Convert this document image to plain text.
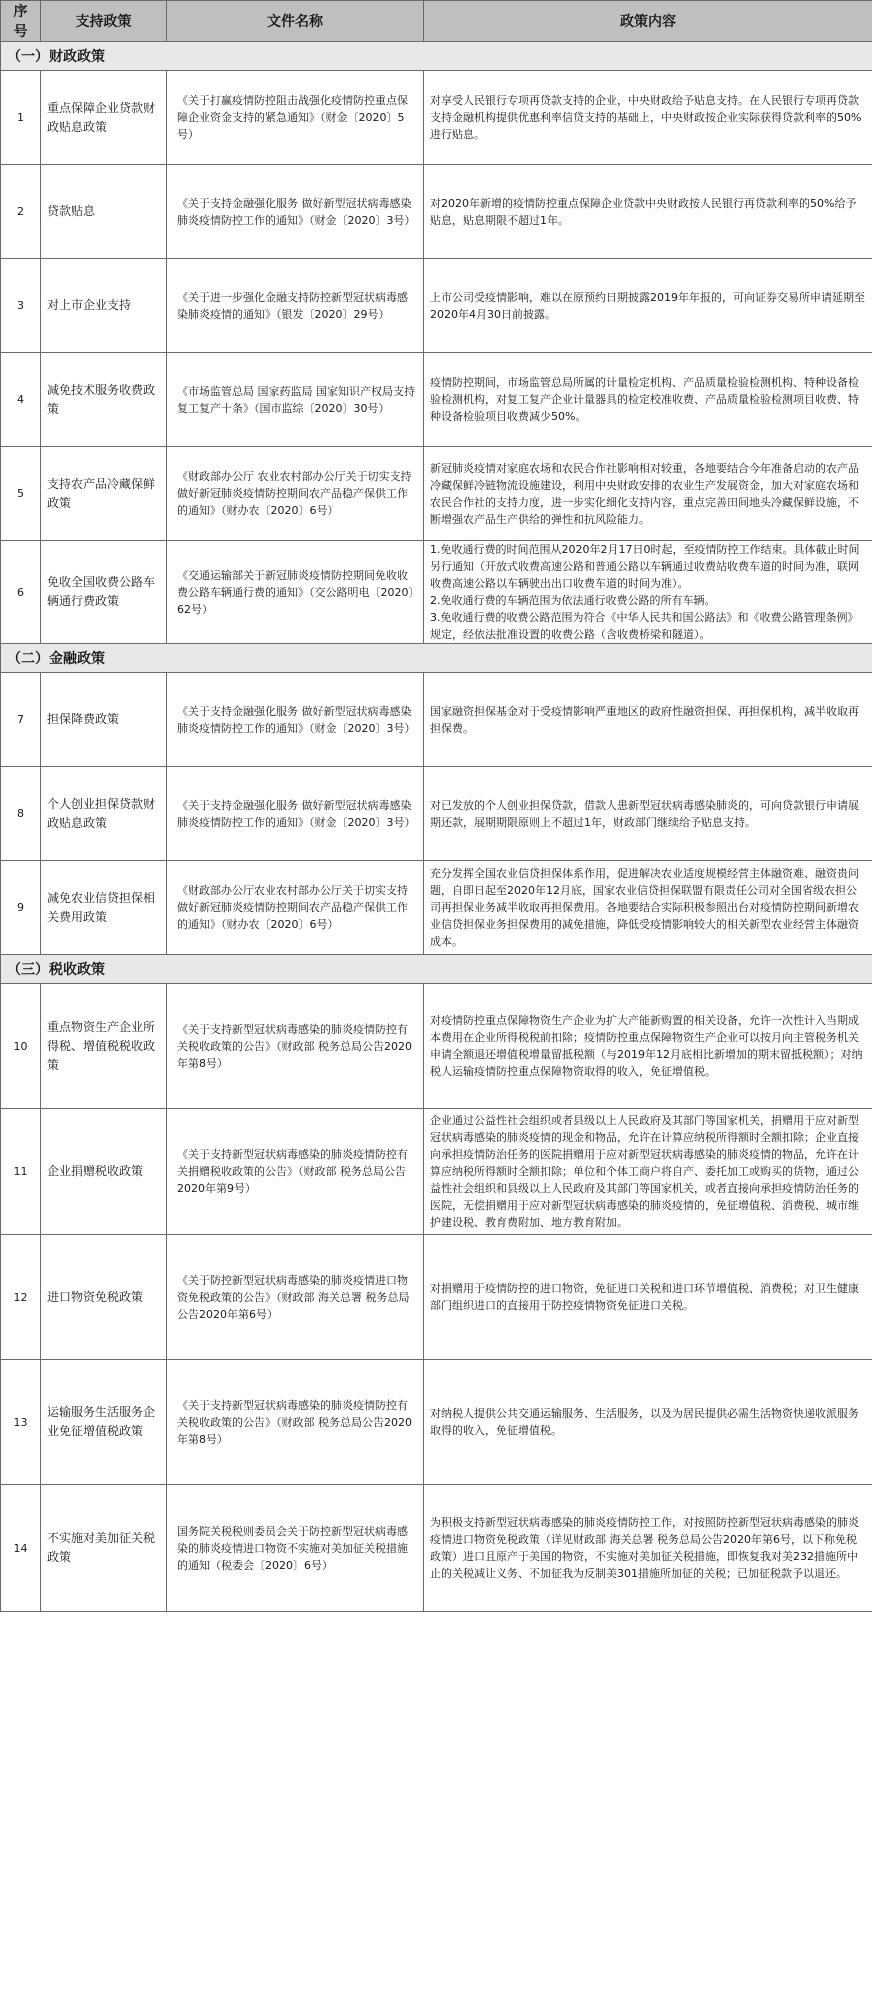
序号	支持政策	文件名称	政策内容
（一）财政政策			
1	重点保障企业贷款财政贴息政策	《关于打赢疫情防控阻击战强化疫情防控重点保障企业资金支持的紧急通知》（财金〔2020〕5号）	对享受人民银行专项再贷款支持的企业，中央财政给予贴息支持。在人民银行专项再贷款支持金融机构提供优惠利率信贷支持的基础上，中央财政按企业实际获得贷款利率的50%进行贴息。
2	贷款贴息	《关于支持金融强化服务 做好新型冠状病毒感染肺炎疫情防控工作的通知》（财金〔2020〕3号）	对2020年新增的疫情防控重点保障企业贷款中央财政按人民银行再贷款利率的50%给予贴息，贴息期限不超过1年。
3	对上市企业支持	《关于进一步强化金融支持防控新型冠状病毒感染肺炎疫情的通知》（银发〔2020〕29号）	上市公司受疫情影响，难以在原预约日期披露2019年年报的，可向证券交易所申请延期至2020年4月30日前披露。
4	减免技术服务收费政策	《市场监管总局 国家药监局 国家知识产权局支持复工复产十条》（国市监综〔2020〕30号）	疫情防控期间，市场监管总局所属的计量检定机构、产品质量检验检测机构、特种设备检验检测机构，对复工复产企业计量器具的检定校准收费、产品质量检验检测项目收费、特种设备检验项目收费减少50%。
5	支持农产品冷藏保鲜政策	《财政部办公厅 农业农村部办公厅关于切实支持做好新冠肺炎疫情防控期间农产品稳产保供工作的通知》（财办农〔2020〕6号）	新冠肺炎疫情对家庭农场和农民合作社影响相对较重，各地要结合今年准备启动的农产品冷藏保鲜冷链物流设施建设，利用中央财政安排的农业生产发展资金，加大对家庭农场和农民合作社的支持力度，进一步实化细化支持内容，重点完善田间地头冷藏保鲜设施，不断增强农产品生产供给的弹性和抗风险能力。
6	免收全国收费公路车辆通行费政策	《交通运输部关于新冠肺炎疫情防控期间免收收费公路车辆通行费的通知》（交公路明电〔2020〕62号）	1.免收通行费的时间范围从2020年2月17日0时起，至疫情防控工作结束。具体截止时间另行通知（开放式收费高速公路和普通公路以车辆通过收费站收费车道的时间为准，联网收费高速公路以车辆驶出出口收费车道的时间为准）。
2.免收通行费的车辆范围为依法通行收费公路的所有车辆。
3.免收通行费的收费公路范围为符合《中华人民共和国公路法》和《收费公路管理条例》规定，经依法批准设置的收费公路（含收费桥梁和隧道）。
（二）金融政策			
7	担保降费政策	《关于支持金融强化服务 做好新型冠状病毒感染肺炎疫情防控工作的通知》（财金〔2020〕3号）	国家融资担保基金对于受疫情影响严重地区的政府性融资担保、再担保机构，减半收取再担保费。
8	个人创业担保贷款财政贴息政策	《关于支持金融强化服务 做好新型冠状病毒感染肺炎疫情防控工作的通知》（财金〔2020〕3号）	对已发放的个人创业担保贷款，借款人患新型冠状病毒感染肺炎的，可向贷款银行申请展期还款，展期期限原则上不超过1年，财政部门继续给予贴息支持。
9	减免农业信贷担保相关费用政策	《财政部办公厅农业农村部办公厅关于切实支持做好新冠肺炎疫情防控期间农产品稳产保供工作的通知》（财办农〔2020〕6号）	充分发挥全国农业信贷担保体系作用，促进解决农业适度规模经营主体融资难、融资贵问题，自即日起至2020年12月底，国家农业信贷担保联盟有限责任公司对全国省级农担公司再担保业务减半收取再担保费用。各地要结合实际积极参照出台对疫情防控期间新增农业信贷担保业务担保费用的减免措施，降低受疫情影响较大的相关新型农业经营主体融资成本。
（三）税收政策			
10	重点物资生产企业所得税、增值税税收政策	《关于支持新型冠状病毒感染的肺炎疫情防控有关税收政策的公告》（财政部 税务总局公告2020年第8号）	对疫情防控重点保障物资生产企业为扩大产能新购置的相关设备，允许一次性计入当期成本费用在企业所得税税前扣除；疫情防控重点保障物资生产企业可以按月向主管税务机关申请全额退还增值税增量留抵税额（与2019年12月底相比新增加的期末留抵税额）；对纳税人运输疫情防控重点保障物资取得的收入，免征增值税。
11	企业捐赠税收政策	《关于支持新型冠状病毒感染的肺炎疫情防控有关捐赠税收政策的公告》（财政部 税务总局公告2020年第9号）	企业通过公益性社会组织或者县级以上人民政府及其部门等国家机关，捐赠用于应对新型冠状病毒感染的肺炎疫情的现金和物品，允许在计算应纳税所得额时全额扣除；企业直接向承担疫情防治任务的医院捐赠用于应对新型冠状病毒感染的肺炎疫情的物品，允许在计算应纳税所得额时全额扣除；单位和个体工商户将自产、委托加工或购买的货物，通过公益性社会组织和县级以上人民政府及其部门等国家机关，或者直接向承担疫情防治任务的医院，无偿捐赠用于应对新型冠状病毒感染的肺炎疫情的，免征增值税、消费税、城市维护建设税、教育费附加、地方教育附加。
12	进口物资免税政策	《关于防控新型冠状病毒感染的肺炎疫情进口物资免税政策的公告》（财政部 海关总署 税务总局公告2020年第6号）	对捐赠用于疫情防控的进口物资，免征进口关税和进口环节增值税、消费税；对卫生健康部门组织进口的直接用于防控疫情物资免征进口关税。
13	运输服务生活服务企业免征增值税政策	《关于支持新型冠状病毒感染的肺炎疫情防控有关税收政策的公告》（财政部 税务总局公告2020年第8号）	对纳税人提供公共交通运输服务、生活服务，以及为居民提供必需生活物资快递收派服务取得的收入，免征增值税。
14	不实施对美加征关税政策	国务院关税税则委员会关于防控新型冠状病毒感染的肺炎疫情进口物资不实施对美加征关税措施的通知（税委会〔2020〕6号）	为积极支持新型冠状病毒感染的肺炎疫情防控工作，对按照防控新型冠状病毒感染的肺炎疫情进口物资免税政策（详见财政部 海关总署 税务总局公告2020年第6号，以下称免税政策）进口且原产于美国的物资，不实施对美加征关税措施，即恢复我对美232措施所中止的关税减让义务、不加征我为反制美301措施所加征的关税；已加征税款予以退还。
